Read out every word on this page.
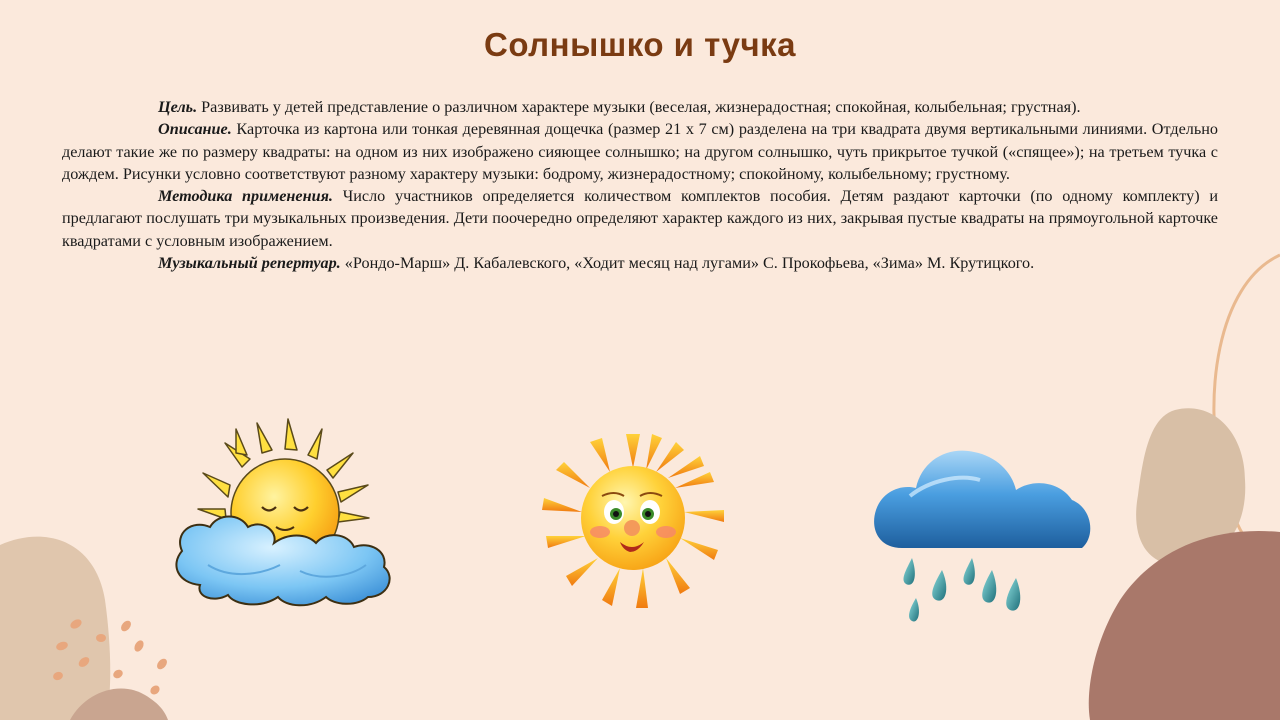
Солнышко и тучка

Цель. Развивать у детей представление о различном характере музыки (веселая, жизнерадостная; спокойная, колыбельная; грустная).

Описание. Карточка из картона или тонкая деревянная дощечка (размер 21 х 7 см) разделена на три квадрата двумя вертикальными линиями. Отдельно делают такие же по размеру квадраты: на одном из них изображено сияющее солнышко; на другом солнышко, чуть прикрытое тучкой («спящее»); на третьем тучка с дождем. Рисунки условно соответствуют разному характеру музыки: бодрому, жизнерадостному; спокойному, колыбельному; грустному.

Методика применения. Число участников определяется количеством комплектов пособия. Детям раздают карточки (по одному комплекту) и предлагают послушать три музыкальных произведения. Дети поочередно определяют характер каждого из них, закрывая пустые квадраты на прямоугольной карточке квадратами с условным изображением.

Музыкальный репертуар. «Рондо-Марш» Д. Кабалевского, «Ходит месяц над лугами» С. Прокофьева, «Зима» М. Крутицкого.
